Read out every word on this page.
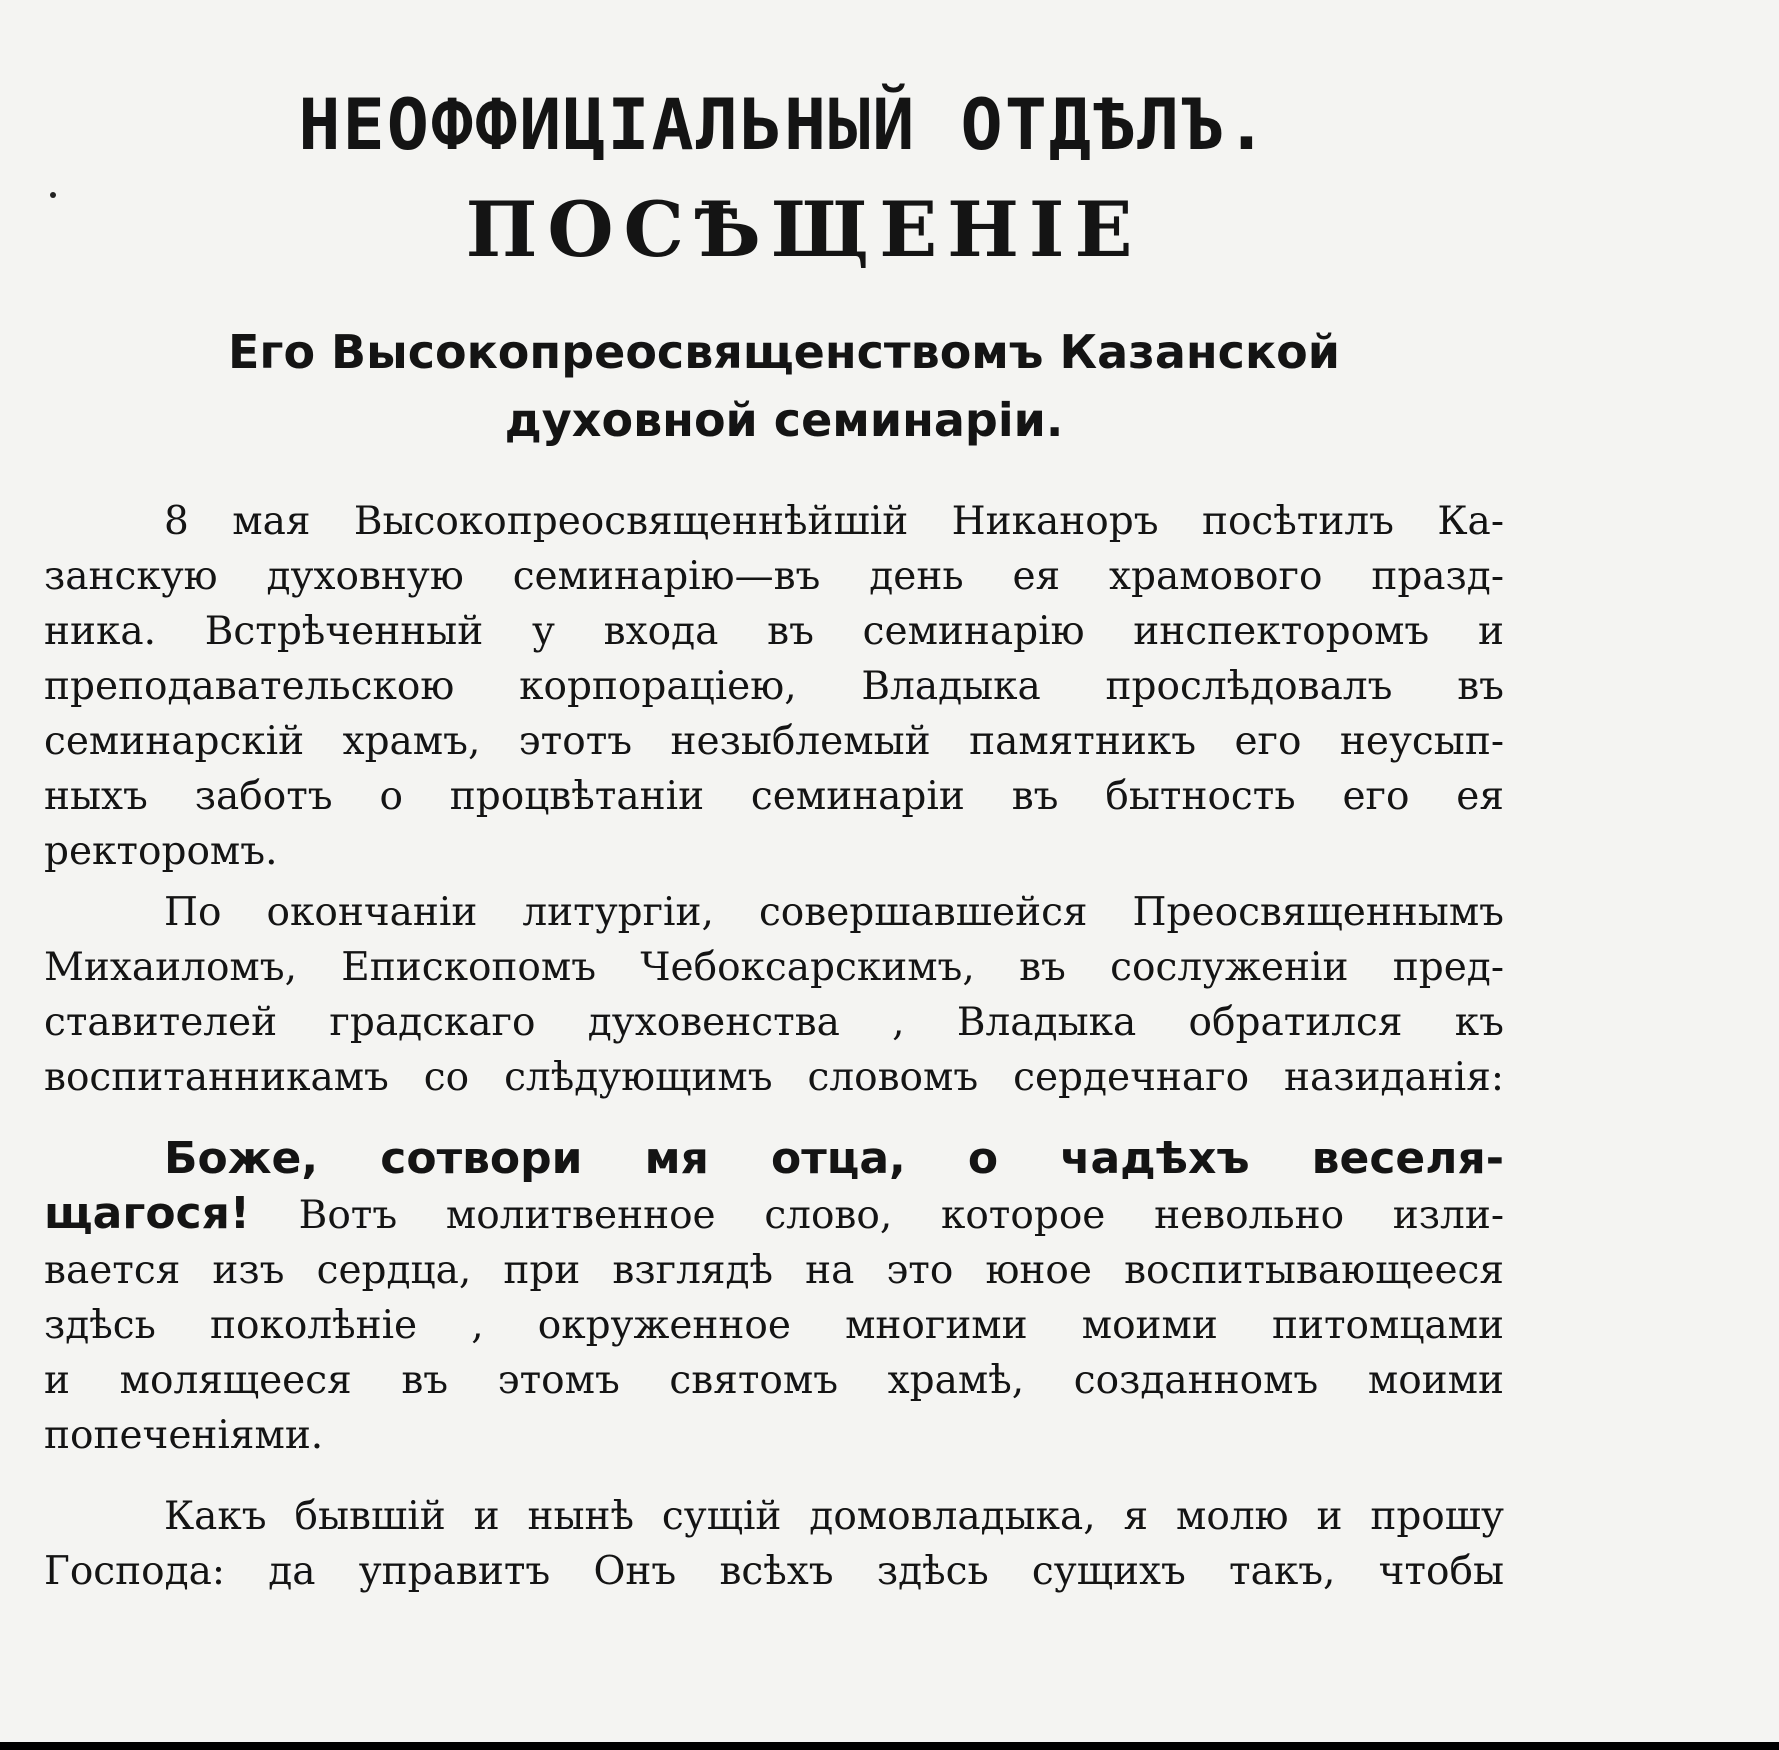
НЕОФФИЦІАЛЬНЫЙ ОТДѢЛЪ.
ПОСѢЩЕНІЕ
Его Высокопреосвященствомъ Казанской
духовной семинаріи.
8 мая Высокопреосвященнѣйшій Никаноръ посѣтилъ Ка-
занскую духовную семинарію—въ день ея храмового празд-
ника. Встрѣченный у входа въ семинарію инспекторомъ и
преподавательскою корпораціею, Владыка прослѣдовалъ въ
семинарскій храмъ, этотъ незыблемый памятникъ его неусып-
ныхъ заботъ о процвѣтаніи семинаріи въ бытность его ея
ректоромъ.
По окончаніи литургіи, совершавшейся Преосвященнымъ
Михаиломъ, Епископомъ Чебоксарскимъ, въ сослуженіи пред-
ставителей градскаго духовенства , Владыка обратился къ
воспитанникамъ со слѣдующимъ словомъ сердечнаго назиданія:
Боже, сотвори мя отца, о чадѣхъ веселя-
щагося! Вотъ молитвенное слово, которое невольно изли-
вается изъ сердца, при взглядѣ на это юное воспитывающееся
здѣсь поколѣніе , окруженное многими моими питомцами
и молящееся въ этомъ святомъ храмѣ, созданномъ моими
попеченіями.
Какъ бывшій и нынѣ сущій домовладыка, я молю и прошу
Господа: да управитъ Онъ всѣхъ здѣсь сущихъ такъ, чтобы
